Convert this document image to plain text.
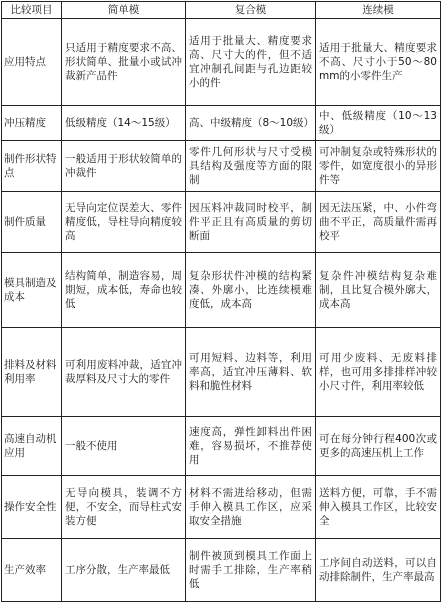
比较项目	简单模	复合模	连续模
应用特点	只适用于精度要求不高、形状简单、批量小或试冲裁新产品件	适用于批量大、精度要求高、尺寸大的件，但不适宜冲制孔间距与孔边距较小的件	适用于批量大、精度要求不高、尺寸小于50～80mm的小零件生产
冲压精度	低级精度（14～15级）	高、中级精度（8～10级）	中、低级精度（10～13级）
制件形状特点	一般适用于形状较简单的冲裁件	零件几何形状与尺寸受模具结构及强度等方面的限制	可冲制复杂或特殊形状的零件，如宽度很小的异形件等
制件质量	无导向定位误差大、零件精度低，导柱导向精度较高	因压料冲裁同时校平，制件平正且有高质量的剪切断面	因无法压紧，中、小件弯曲不平正，高质量件需再校平
模具制造及成本	结构简单，制造容易，周期短，成本低，寿命也较低	复杂形状件冲模的结构紧凑、外廓小，比连续模难度低，成本高	复杂件冲模结构复杂难制，且比复合模外廓大，成本高
排料及材料利用率	可利用废料冲裁，适宜冲裁厚料及尺寸大的零件	可用短料、边料等，利用率高，适宜冲压薄料、软料和脆性材料	可用少废料、无废料排样，也可用多排排样冲较小尺寸件，利用率较低
高速自动机应用	一般不使用	速度高，弹性卸料出件困难，容易损坏，不推荐使用	可在每分钟行程400次或更多的高速压机上工作
操作安全性	无导向模具，装调不方便，不安全，而导柱式安装方便	材料不需进给移动，但需手伸入模具工作区，应采取安全措施	送料方便，可靠，手不需伸入模具工作区，比较安全
生产效率	工序分散，生产率最低	制件被顶到模具工作面上时需手工排除，生产率稍低	工序间自动送料，可以自动排除制件，生产率最高
